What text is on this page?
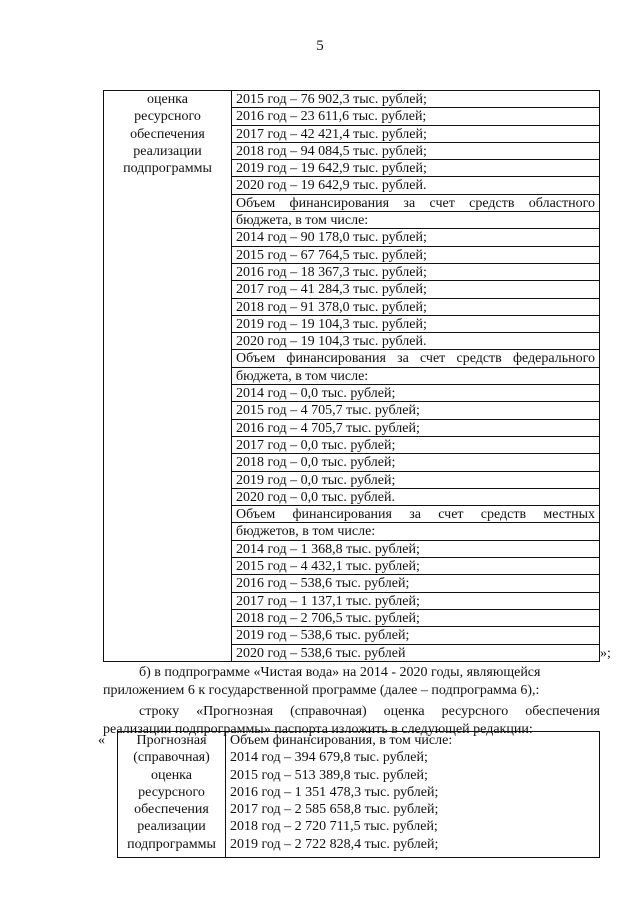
5
оценка
ресурсного
обеспечения
реализации
подпрограммы
2015 год – 76 902,3 тыс. рублей;
2016 год – 23 611,6 тыс. рублей;
2017 год – 42 421,4 тыс. рублей;
2018 год – 94 084,5 тыс. рублей;
2019 год – 19 642,9 тыс. рублей;
2020 год – 19 642,9 тыс. рублей.
Объем финансирования за счет средств областного
бюджета, в том числе:
2014 год – 90 178,0 тыс. рублей;
2015 год – 67 764,5 тыс. рублей;
2016 год – 18 367,3 тыс. рублей;
2017 год – 41 284,3 тыс. рублей;
2018 год – 91 378,0 тыс. рублей;
2019 год – 19 104,3 тыс. рублей;
2020 год – 19 104,3 тыс. рублей.
Объем финансирования за счет средств федерального
бюджета, в том числе:
2014 год – 0,0 тыс. рублей;
2015 год – 4 705,7 тыс. рублей;
2016 год – 4 705,7 тыс. рублей;
2017 год – 0,0 тыс. рублей;
2018 год – 0,0 тыс. рублей;
2019 год – 0,0 тыс. рублей;
2020 год – 0,0 тыс. рублей.
Объем финансирования за счет средств местных
бюджетов, в том числе:
2014 год – 1 368,8 тыс. рублей;
2015 год – 4 432,1 тыс. рублей;
2016 год – 538,6 тыс. рублей;
2017 год – 1 137,1 тыс. рублей;
2018 год – 2 706,5 тыс. рублей;
2019 год – 538,6 тыс. рублей;
2020 год – 538,6 тыс. рублей	»;
б) в подпрограмме «Чистая вода» на 2014 - 2020 годы, являющейся
приложением 6 к государственной программе (далее – подпрограмма 6),:
строку «Прогнозная (справочная) оценка ресурсного обеспечения
реализации подпрограммы» паспорта изложить в следующей редакции:
«	Прогнозная
(справочная)
оценка
ресурсного
обеспечения
реализации
подпрограммы
Объем финансирования, в том числе:
2014 год – 394 679,8 тыс. рублей;
2015 год – 513 389,8 тыс. рублей;
2016 год – 1 351 478,3 тыс. рублей;
2017 год – 2 585 658,8 тыс. рублей;
2018 год – 2 720 711,5 тыс. рублей;
2019 год – 2 722 828,4 тыс. рублей;
